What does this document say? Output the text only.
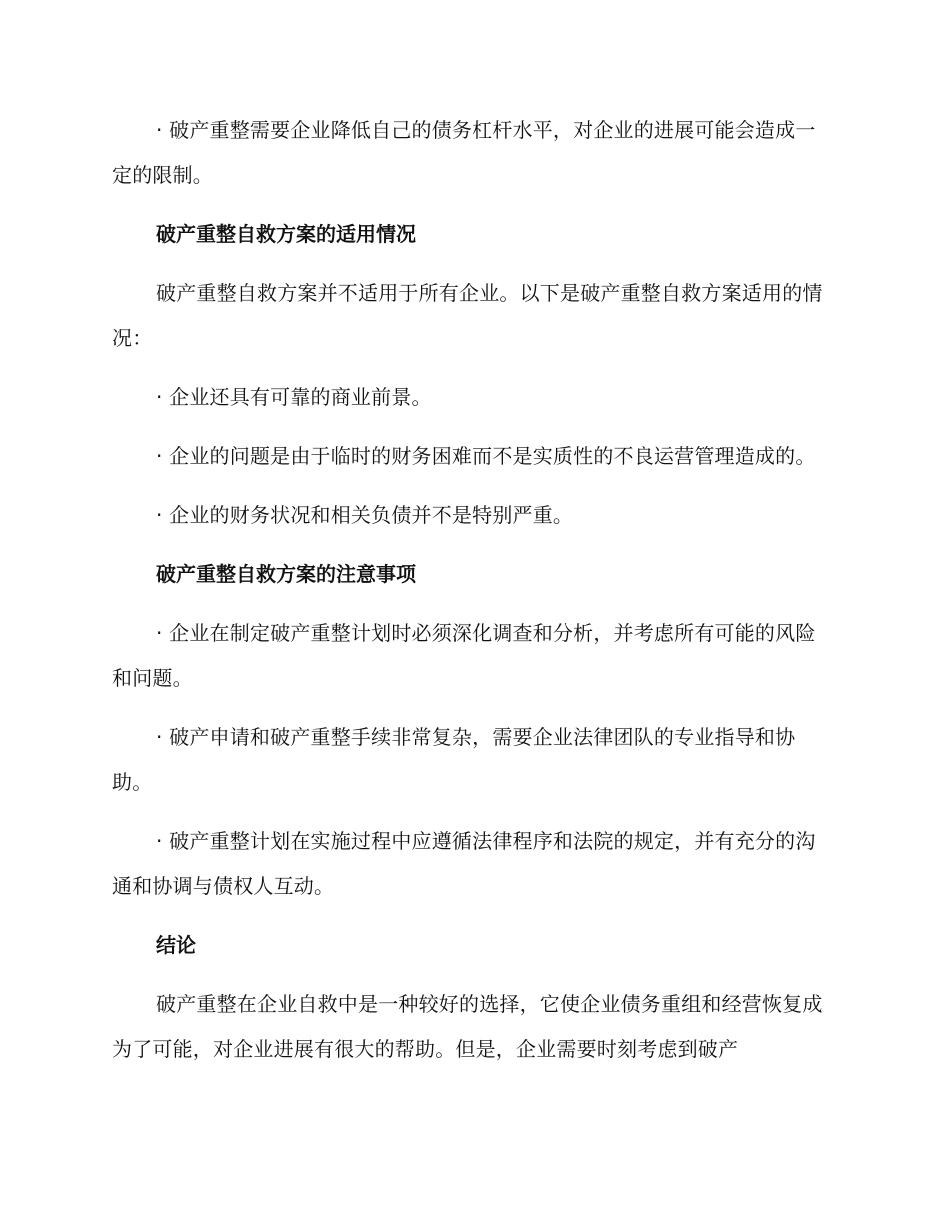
· 破产重整需要企业降低自己的债务杠杆水平，对企业的进展可能会造成一定的限制。

破产重整自救方案的适用情况

破产重整自救方案并不适用于所有企业。以下是破产重整自救方案适用的情况：

· 企业还具有可靠的商业前景。

· 企业的问题是由于临时的财务困难而不是实质性的不良运营管理造成的。

· 企业的财务状况和相关负债并不是特别严重。

破产重整自救方案的注意事项

· 企业在制定破产重整计划时必须深化调查和分析，并考虑所有可能的风险和问题。

· 破产申请和破产重整手续非常复杂，需要企业法律团队的专业指导和协助。

· 破产重整计划在实施过程中应遵循法律程序和法院的规定，并有充分的沟通和协调与债权人互动。

结论

破产重整在企业自救中是一种较好的选择，它使企业债务重组和经营恢复成为了可能，对企业进展有很大的帮助。但是，企业需要时刻考虑到破产
